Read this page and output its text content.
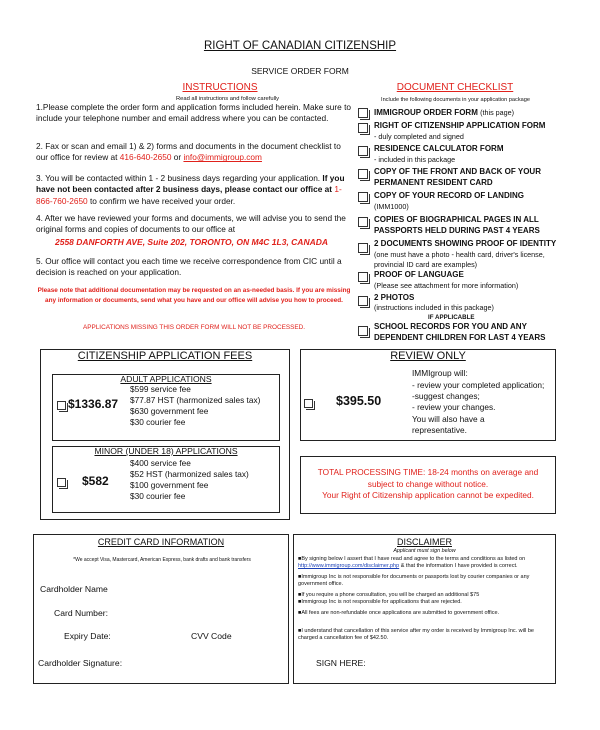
RIGHT OF CANADIAN CITIZENSHIP
SERVICE ORDER FORM
INSTRUCTIONS
Read all instructions and follow carefully
DOCUMENT CHECKLIST
Include the following documents in your application package
1.Please complete the order form and application forms included herein. Make sure to include your telephone number and email address where you can be contacted.
2. Fax or scan and email 1) & 2) forms and documents in the document checklist to our office for review at 416-640-2650 or info@immigroup.com
3. You will be contacted within 1 - 2 business days regarding your application. If you have not been contacted after 2 business days, please contact our office at 1-866-760-2650 to confirm we have received your order.
4. After we have reviewed your forms and documents, we will advise you to send the original forms and copies of documents to our office at
2558 DANFORTH AVE, Suite 202, TORONTO, ON M4C 1L3, CANADA
5. Our office will contact you each time we receive correspondence from CIC until a decision is reached on your application.
Please note that additional documentation may be requested on an as-needed basis. If you are missing any information or documents, send what you have and our office will advise you how to proceed.
APPLICATIONS MISSING THIS ORDER FORM WILL NOT BE PROCESSED.
IMMIGROUP ORDER FORM (this page)
RIGHT OF CITIZENSHIP APPLICATION FORM
- duly completed and signed
RESIDENCE CALCULATOR FORM
- included in this package
COPY OF THE FRONT AND BACK OF YOUR PERMANENT RESIDENT CARD
COPY OF YOUR RECORD OF LANDING
(IMM1000)
COPIES OF BIOGRAPHICAL PAGES IN ALL PASSPORTS HELD DURING PAST 4 YEARS
2 DOCUMENTS SHOWING PROOF OF IDENTITY
(one must have a photo - health card, driver's license, provincial ID card are examples)
PROOF OF LANGUAGE
(Please see attachment for more information)
2 PHOTOS
(instructions included in this package)
IF APPLICABLE
SCHOOL RECORDS FOR YOU AND ANY DEPENDENT CHILDREN FOR LAST 4 YEARS
CITIZENSHIP APPLICATION FEES
ADULT APPLICATIONS
$1336.87
$599 service fee
$77.87 HST (harmonized sales tax)
$630 government fee
$30 courier fee
MINOR (UNDER 18) APPLICATIONS
$582
$400 service fee
$52 HST (harmonized sales tax)
$100 government fee
$30 courier fee
REVIEW ONLY
$395.50
IMMIgroup will:
- review your completed application;
-suggest changes;
- review your changes.
You will also have a
representative.
TOTAL PROCESSING TIME: 18-24 months on average and subject to change without notice.
Your Right of Citizenship application cannot be expedited.
CREDIT CARD INFORMATION
*We accept Visa, Mastercard, American Express, bank drafts and bank transfers
Cardholder Name
Card Number:
Expiry Date:	CVV Code
Cardholder Signature:
DISCLAIMER
Applicant must sign below
■By signing below I assert that I have read and agree to the terms and conditions as listed on http://www.immigroup.com/disclaimer.php & that the information I have provided is correct.
■Immigroup Inc is not responsible for documents or passports lost by courier companies or any government office.
■If you require a phone consultation, you will be charged an additional $75
■Immigroup Inc is not responsible for applications that are rejected.
■All fees are non-refundable once applications are submitted to government office.
■I understand that cancellation of this service after my order is received by Immigroup Inc. will be charged a cancellation fee of $42.50.
SIGN HERE:
